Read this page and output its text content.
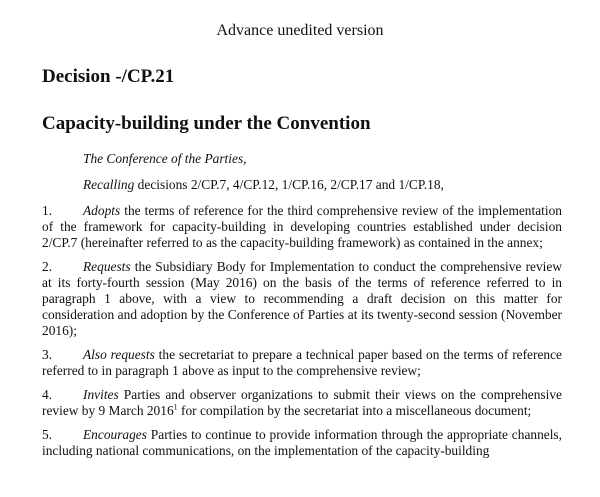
Advance unedited version
Decision -/CP.21
Capacity-building under the Convention

The Conference of the Parties,

Recalling decisions 2/CP.7, 4/CP.12, 1/CP.16, 2/CP.17 and 1/CP.18,

1. Adopts the terms of reference for the third comprehensive review of the implementation of the framework for capacity-building in developing countries established under decision 2/CP.7 (hereinafter referred to as the capacity-building framework) as contained in the annex;

2. Requests the Subsidiary Body for Implementation to conduct the comprehensive review at its forty-fourth session (May 2016) on the basis of the terms of reference referred to in paragraph 1 above, with a view to recommending a draft decision on this matter for consideration and adoption by the Conference of Parties at its twenty-second session (November 2016);

3. Also requests the secretariat to prepare a technical paper based on the terms of reference referred to in paragraph 1 above as input to the comprehensive review;

4. Invites Parties and observer organizations to submit their views on the comprehensive review by 9 March 2016$^1$ for compilation by the secretariat into a miscellaneous document;

5. Encourages Parties to continue to provide information through the appropriate channels, including national communications, on the implementation of the capacity-building
